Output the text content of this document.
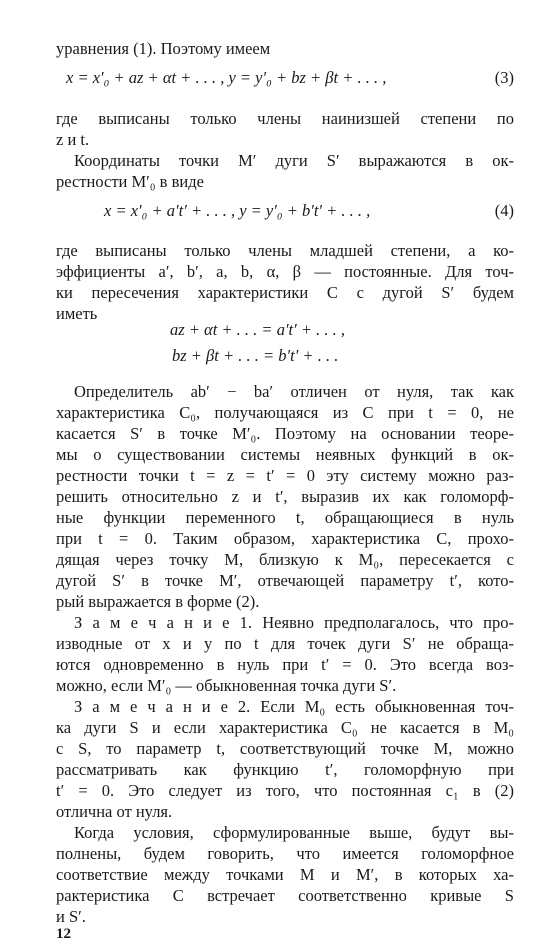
уравнения (1). Поэтому имеем
x = x′₀ + az + αt + . . . , y = y′₀ + bz + βt + . . . ,	(3)
где выписаны только члены наинизшей степени по
z и t.
Координаты точки M′ дуги S′ выражаются в ок-
рестности M′₀ в виде
x = x′₀ + a′t′ + . . . , y = y′₀ + b′t′ + . . . ,	(4)
где выписаны только члены младшей степени, а ко-
эффициенты a′, b′, a, b, α, β — постоянные. Для точ-
ки пересечения характеристики C с дугой S′ будем
иметь
az + αt + . . . = a′t′ + . . . ,
bz + βt + . . . = b′t′ + . . .
Определитель ab′ − ba′ отличен от нуля, так как
характеристика C₀, получающаяся из C при t = 0, не
касается S′ в точке M′₀. Поэтому на основании теоре-
мы о существовании системы неявных функций в ок-
рестности точки t = z = t′ = 0 эту систему можно раз-
решить относительно z и t′, выразив их как голоморф-
ные функции переменного t, обращающиеся в нуль
при t = 0. Таким образом, характеристика C, прохо-
дящая через точку M, близкую к M₀, пересекается с
дугой S′ в точке M′, отвечающей параметру t′, кото-
рый выражается в форме (2).
З а м е ч а н и е 1. Неявно предполагалось, что про-
изводные от x и y по t для точек дуги S′ не обраща-
ются одновременно в нуль при t′ = 0. Это всегда воз-
можно, если M′₀ — обыкновенная точка дуги S′.
З а м е ч а н и е 2. Если M₀ есть обыкновенная точ-
ка дуги S и если характеристика C₀ не касается в M₀
с S, то параметр t, соответствующий точке M, можно
рассматривать как функцию t′, голоморфную при
t′ = 0. Это следует из того, что постоянная c₁ в (2)
отлична от нуля.
Когда условия, сформулированные выше, будут вы-
полнены, будем говорить, что имеется голоморфное
соответствие между точками M и M′, в которых ха-
рактеристика C встречает соответственно кривые S
и S′.
12
